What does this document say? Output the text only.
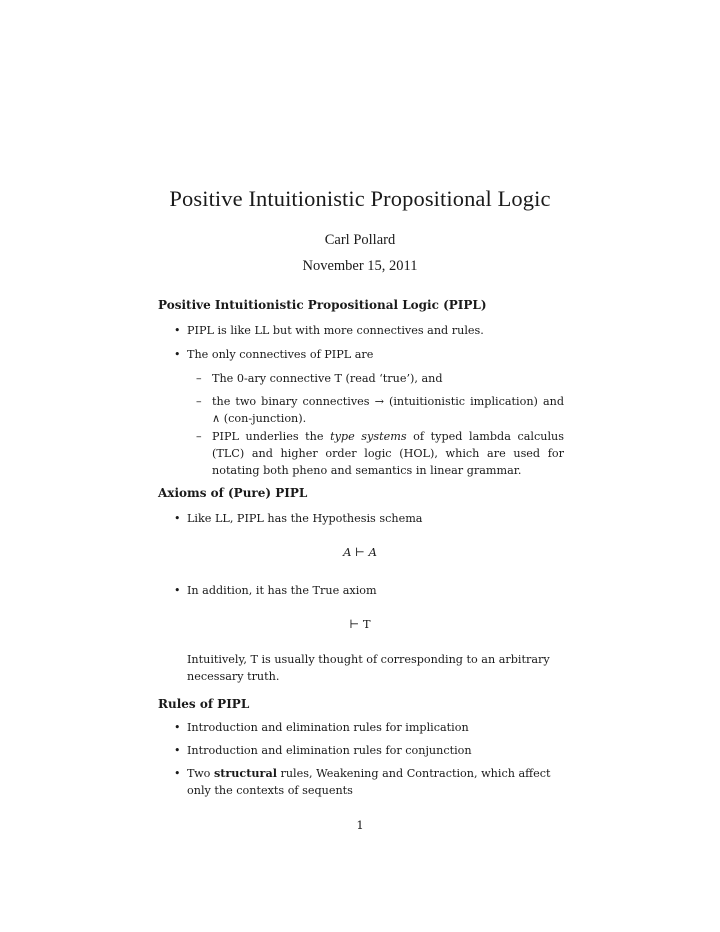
Positive Intuitionistic Propositional Logic
Carl Pollard
November 15, 2011
Positive Intuitionistic Propositional Logic (PIPL)
• PIPL is like LL but with more connectives and rules.
• The only connectives of PIPL are
– The 0-ary connective T (read ‘true’), and
– the two binary connectives → (intuitionistic implication) and ∧ (con-junction).
– PIPL underlies the type systems of typed lambda calculus (TLC) and higher order logic (HOL), which are used for notating both pheno and semantics in linear grammar.
Axioms of (Pure) PIPL
• Like LL, PIPL has the Hypothesis schema
A ⊢ A
• In addition, it has the True axiom
⊢ T
Intuitively, T is usually thought of corresponding to an arbitrary necessary truth.
Rules of PIPL
• Introduction and elimination rules for implication
• Introduction and elimination rules for conjunction
• Two structural rules, Weakening and Contraction, which affect only the contexts of sequents
1
